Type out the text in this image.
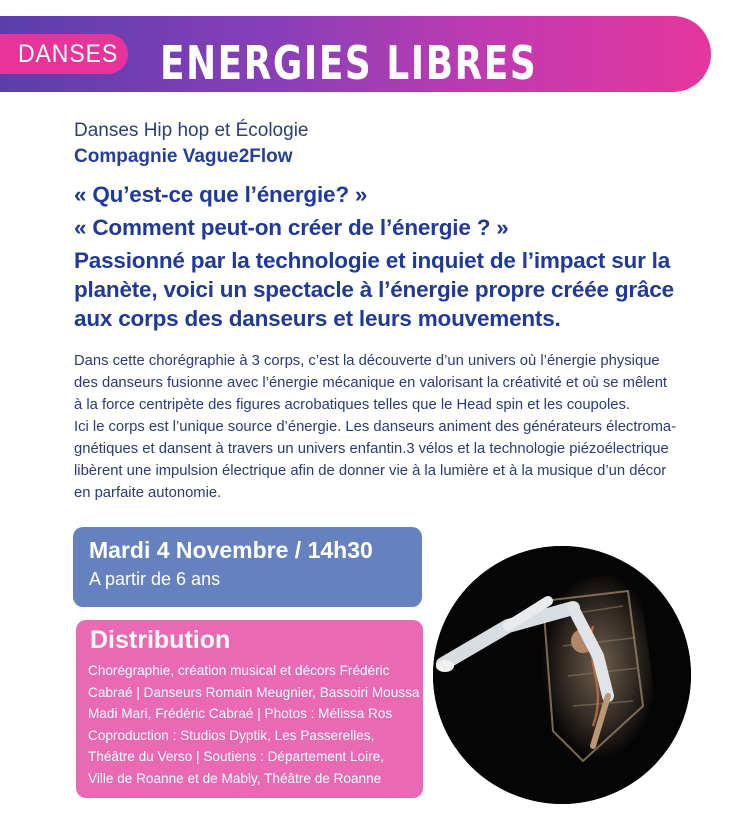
ENERGIES LIBRES
DANSES
Danses Hip hop et Écologie
Compagnie Vague2Flow
« Qu’est-ce que l’énergie? »
« Comment peut-on créer de l’énergie ? »
Passionné par la technologie et inquiet de l’impact sur la
planète, voici un spectacle à l’énergie propre créée grâce
aux corps des danseurs et leurs mouvements.
Dans cette chorégraphie à 3 corps, c’est la découverte d’un univers où l’énergie physique
des danseurs fusionne avec l’énergie mécanique en valorisant la créativité et où se mêlent
à la force centripète des figures acrobatiques telles que le Head spin et les coupoles.
Ici le corps est l’unique source d’énergie. Les danseurs animent des générateurs électroma-
gnétiques et dansent à travers un univers enfantin.3 vélos et la technologie piézoélectrique
libèrent une impulsion électrique afin de donner vie à la lumière et à la musique d’un décor
en parfaite autonomie.
Mardi 4 Novembre / 14h30
A partir de 6 ans
Distribution
Chorégraphie, création musical et décors Frédéric
Cabraé | Danseurs Romain Meugnier, Bassoiri Moussa
Madi Mari, Frédéric Cabraé | Photos : Mélissa Ros
Coproduction : Studios Dyptik, Les Passerelles,
Théâtre du Verso | Soutiens : Département Loire,
Ville de Roanne et de Mably, Théâtre de Roanne
